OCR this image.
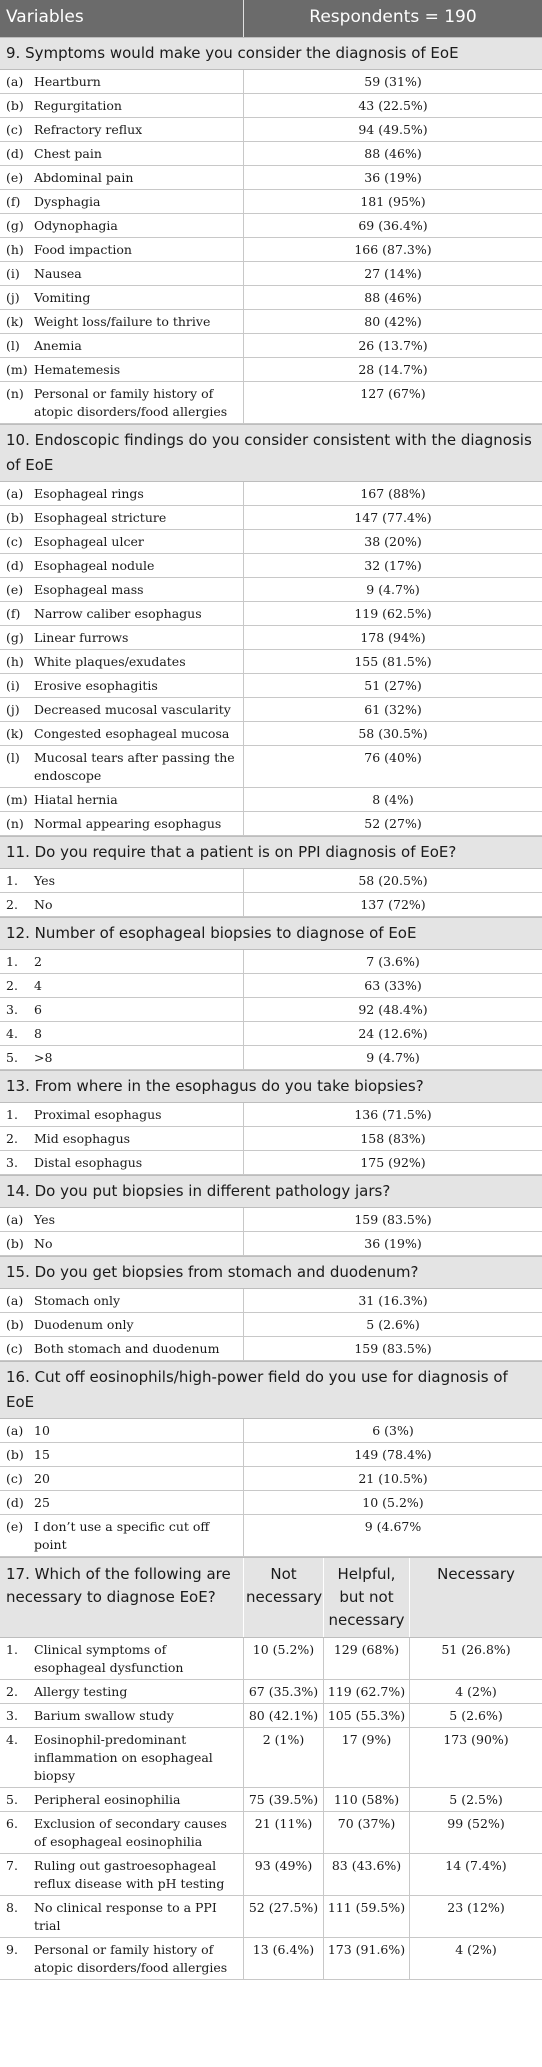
Variables	Respondents = 190
9. Symptoms would make you consider the diagnosis of EoE
(a) Heartburn	59 (31%)
(b) Regurgitation	43 (22.5%)
(c) Refractory reflux	94 (49.5%)
(d) Chest pain	88 (46%)
(e) Abdominal pain	36 (19%)
(f)	Dysphagia	181 (95%)
(g) Odynophagia	69 (36.4%)
(h) Food impaction	166 (87.3%)
(i)	Nausea	27 (14%)
(j)	Vomiting	88 (46%)
(k) Weight loss/failure to thrive	80 (42%)
(l)	Anemia	26 (13.7%)
(m) Hematemesis	28 (14.7%)
(n) Personal or family history of atopic disorders/food allergies
127 (67%)
10. Endoscopic findings do you consider consistent with the diagnosis of EoE
(a) Esophageal rings	167 (88%)
(b) Esophageal stricture	147 (77.4%)
(c) Esophageal ulcer	38 (20%)
(d) Esophageal nodule	32 (17%)
(e) Esophageal mass	9 (4.7%)
(f)	Narrow caliber esophagus	119 (62.5%)
(g) Linear furrows	178 (94%)
(h) White plaques/exudates	155 (81.5%)
(i)	Erosive esophagitis	51 (27%)
(j)	Decreased mucosal vascularity	61 (32%)
(k) Congested esophageal mucosa	58 (30.5%)
(l)	Mucosal tears after passing the endoscope
76 (40%)
(m) Hiatal hernia	8 (4%)
(n) Normal appearing esophagus	52 (27%)
11. Do you require that a patient is on PPI diagnosis of EoE?
1.	Yes	58 (20.5%)
2.	No	137 (72%)
12. Number of esophageal biopsies to diagnose of EoE
1.	2	7 (3.6%)
2.	4	63 (33%)
3.	6	92 (48.4%)
4.	8	24 (12.6%)
5.	>8	9 (4.7%)
13. From where in the esophagus do you take biopsies?
1.	Proximal esophagus	136 (71.5%)
2.	Mid esophagus	158 (83%)
3.	Distal esophagus	175 (92%)
14. Do you put biopsies in different pathology jars?
(a) Yes	159 (83.5%)
(b) No	36 (19%)
15. Do you get biopsies from stomach and duodenum?
(a) Stomach only	31 (16.3%)
(b) Duodenum only	5 (2.6%)
(c) Both stomach and duodenum	159 (83.5%)
16. Cut off eosinophils/high-power field do you use for diagnosis of EoE
(a) 10	6 (3%)
(b) 15	149 (78.4%)
(c) 20	21 (10.5%)
(d) 25	10 (5.2%)
(e) I don’t use a specific cut off point
9 (4.67%
17. Which of the following are necessary to diagnose EoE?
Not necessary
Helpful, but not necessary
Necessary
1.	Clinical symptoms of esophageal dysfunction
10 (5.2%)	129 (68%)	51 (26.8%)
2.	Allergy testing	67 (35.3%) 119 (62.7%)	4 (2%)
3.	Barium swallow study	80 (42.1%) 105 (55.3%)	5 (2.6%)
4.	Eosinophil-predominant inflammation on esophageal biopsy
2 (1%)	17 (9%)	173 (90%)
5.	Peripheral eosinophilia	75 (39.5%)	110 (58%)	5 (2.5%)
6.	Exclusion of secondary causes of esophageal eosinophilia
21 (11%)	70 (37%)	99 (52%)
7.	Ruling out gastroesophageal reflux disease with pH testing
93 (49%)	83 (43.6%)	14 (7.4%)
8.	No clinical response to a PPI trial
52 (27.5%) 111 (59.5%)	23 (12%)
9.	Personal or family history of atopic disorders/food allergies
13 (6.4%)	173 (91.6%)	4 (2%)
